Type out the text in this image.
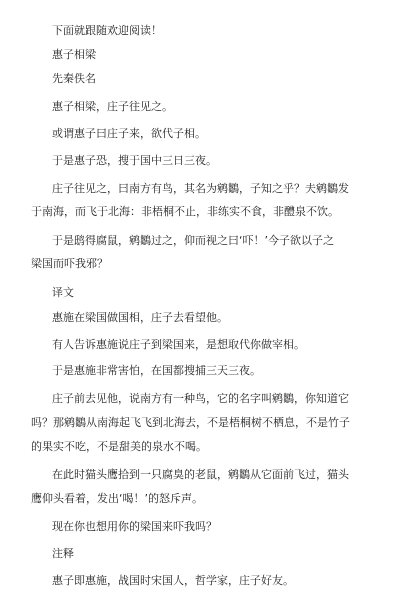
下面就跟随欢迎阅读！
惠子相梁
先秦佚名
惠子相梁，庄子往见之。
或谓惠子曰庄子来，欲代子相。
于是惠子恐，搜于国中三日三夜。
庄子往见之，曰南方有鸟，其名为鹓鶵，子知之乎？夫鹓鶵发
于南海，而飞于北海：非梧桐不止，非练实不食，非醴泉不饮。
于是鸱得腐鼠，鹓鶵过之，仰而视之曰‘吓！’今子欲以子之
梁国而吓我邪？
译文
惠施在梁国做国相，庄子去看望他。
有人告诉惠施说庄子到梁国来，是想取代你做宰相。
于是惠施非常害怕，在国都搜捕三天三夜。
庄子前去见他，说南方有一种鸟，它的名字叫鹓鶵，你知道它
吗？那鹓鶵从南海起飞飞到北海去，不是梧桐树不栖息，不是竹子
的果实不吃，不是甜美的泉水不喝。
在此时猫头鹰拾到一只腐臭的老鼠，鹓鶵从它面前飞过，猫头
鹰仰头看着，发出‘喝！’的怒斥声。
现在你也想用你的梁国来吓我吗？
注释
惠子即惠施，战国时宋国人，哲学家，庄子好友。
